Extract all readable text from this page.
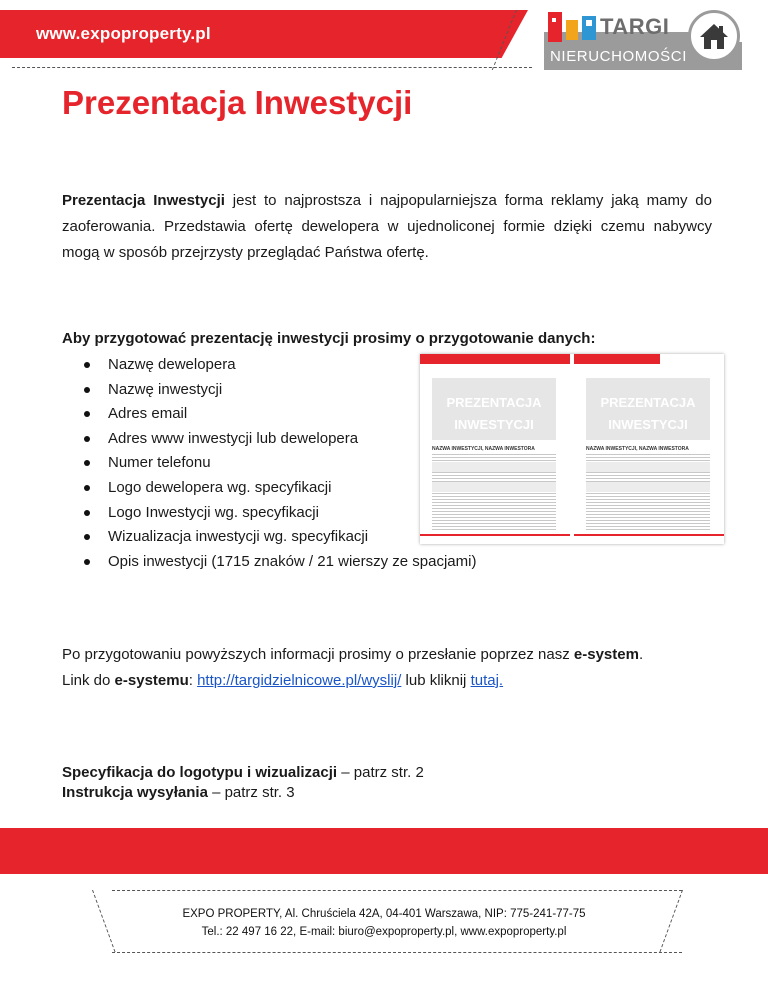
www.expoproperty.pl	TARGI
NIERUCHOMOŚCI
Prezentacja Inwestycji
Prezentacja Inwestycji jest to najprostsza i najpopularniejsza forma reklamy jaką mamy do zaoferowania. Przedstawia ofertę dewelopera w ujednoliconej formie dzięki czemu nabywcy mogą w sposób przejrzysty przeglądać Państwa ofertę.
Aby przygotować prezentację inwestycji prosimy o przygotowanie danych:
Nazwę dewelopera
Nazwę inwestycji
Adres email
Adres www inwestycji lub dewelopera
Numer telefonu
Logo dewelopera wg. specyfikacji
Logo Inwestycji wg. specyfikacji
Wizualizacja inwestycji wg. specyfikacji
Opis inwestycji (1715 znaków / 21 wierszy ze spacjami)
PREZENTACJA
INWESTYCJI
NAZWA INWESTYCJI, NAZWA INWESTORA
PREZENTACJA
INWESTYCJI
NAZWA INWESTYCJI, NAZWA INWESTORA
Po przygotowaniu powyższych informacji prosimy o przesłanie poprzez nasz e-system.
Link do e-systemu: http://targidzielnicowe.pl/wyslij/ lub kliknij tutaj.
Specyfikacja do logotypu i wizualizacji – patrz str. 2
Instrukcja wysyłania – patrz str. 3
EXPO PROPERTY, Al. Chruściela 42A, 04-401 Warszawa, NIP: 775-241-77-75
Tel.: 22 497 16 22, E-mail: biuro@expoproperty.pl, www.expoproperty.pl
